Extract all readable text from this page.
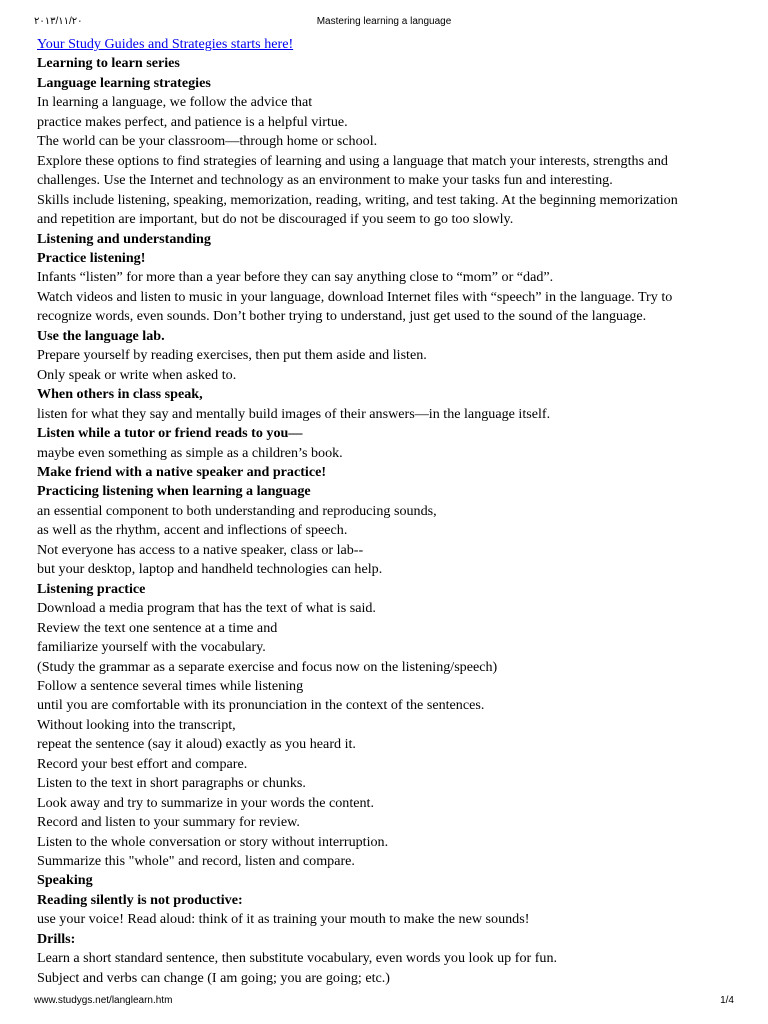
٢٠١٣/١١/٢٠	Mastering learning a language
Your Study Guides and Strategies starts here!
Learning to learn series
Language learning strategies
In learning a language, we follow the advice that
practice makes perfect, and patience is a helpful virtue.
The world can be your classroom—through home or school.
Explore these options to find strategies of learning and using a language that match your interests, strengths and
challenges. Use the Internet and technology as an environment to make your tasks fun and interesting.
Skills include listening, speaking, memorization, reading, writing, and test taking. At the beginning memorization
and repetition are important, but do not be discouraged if you seem to go too slowly.
Listening and understanding
Practice listening!
Infants “listen” for more than a year before they can say anything close to “mom” or “dad”.
Watch videos and listen to music in your language, download Internet files with “speech” in the language. Try to
recognize words, even sounds. Don’t bother trying to understand, just get used to the sound of the language.
Use the language lab.
Prepare yourself by reading exercises, then put them aside and listen.
Only speak or write when asked to.
When others in class speak,
listen for what they say and mentally build images of their answers—in the language itself.
Listen while a tutor or friend reads to you—
maybe even something as simple as a children’s book.
Make friend with a native speaker and practice!
Practicing listening when learning a language
an essential component to both understanding and reproducing sounds,
as well as the rhythm, accent and inflections of speech.
Not everyone has access to a native speaker, class or lab--
but your desktop, laptop and handheld technologies can help.
Listening practice
Download a media program that has the text of what is said.
Review the text one sentence at a time and
familiarize yourself with the vocabulary.
(Study the grammar as a separate exercise and focus now on the listening/speech)
Follow a sentence several times while listening
until you are comfortable with its pronunciation in the context of the sentences.
Without looking into the transcript,
repeat the sentence (say it aloud) exactly as you heard it.
Record your best effort and compare.
Listen to the text in short paragraphs or chunks.
Look away and try to summarize in your words the content.
Record and listen to your summary for review.
Listen to the whole conversation or story without interruption.
Summarize this "whole" and record, listen and compare.
Speaking
Reading silently is not productive:
use your voice! Read aloud: think of it as training your mouth to make the new sounds!
Drills:
Learn a short standard sentence, then substitute vocabulary, even words you look up for fun.
Subject and verbs can change (I am going; you are going; etc.)
www.studygs.net/langlearn.htm	1/4
